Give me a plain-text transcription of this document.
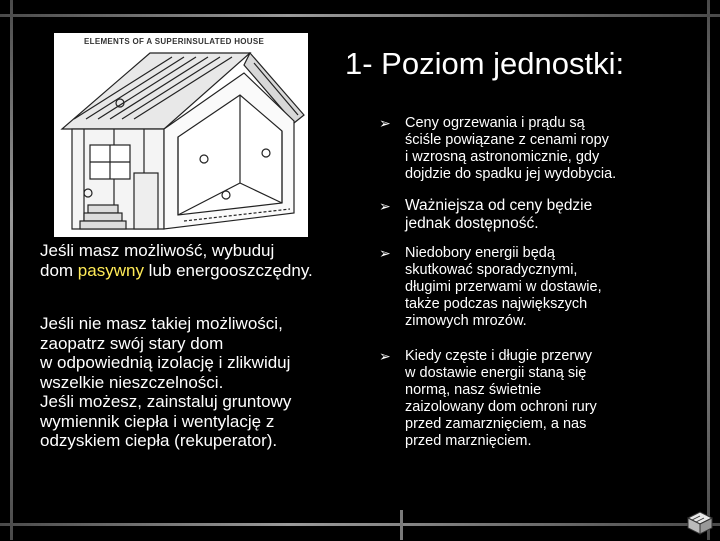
ELEMENTS OF A SUPERINSULATED HOUSE
1- Poziom jednostki:
➢ Ceny ogrzewania i prądu są
ściśle powiązane z cenami ropy
i wzrosną astronomicznie, gdy
dojdzie do spadku jej wydobycia.
➢ Ważniejsza od ceny będzie
jednak dostępność.
➢ Niedobory energii będą
skutkować sporadycznymi,
długimi przerwami w dostawie,
także podczas największych
zimowych mrozów.
➢ Kiedy częste i długie przerwy
w dostawie energii staną się
normą, nasz świetnie
zaizolowany dom ochroni rury
przed zamarznięciem, a nas
przed marznięciem.
Jeśli masz możliwość, wybuduj
dom pasywny lub energooszczędny.
Jeśli nie masz takiej możliwości,
zaopatrz swój stary dom
w odpowiednią izolację i zlikwiduj
wszelkie nieszczelności.
Jeśli możesz, zainstaluj gruntowy
wymiennik ciepła i wentylację z
odzyskiem ciepła (rekuperator).
